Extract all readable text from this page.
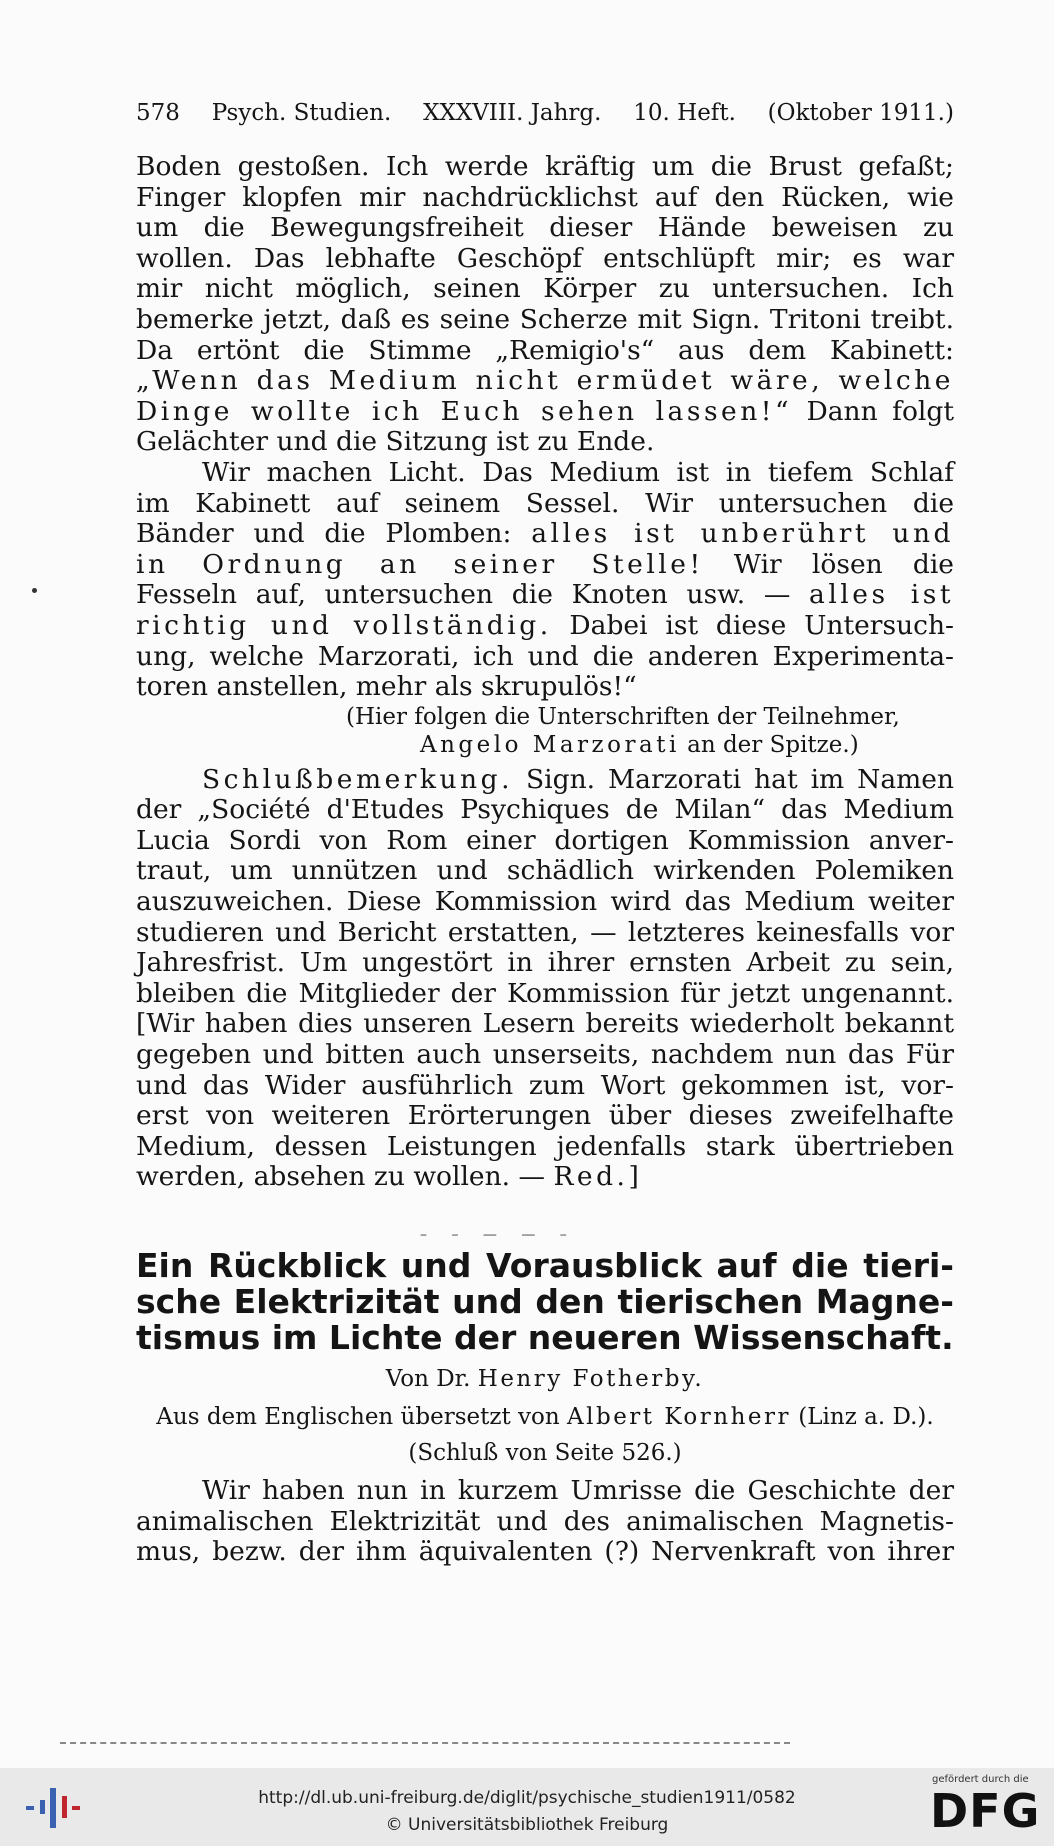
578 Psych. Studien. XXXVIII. Jahrg. 10. Heft. (Oktober 1911.)
Boden gestoßen. Ich werde kräftig um die Brust gefaßt;
Finger klopfen mir nachdrücklichst auf den Rücken, wie
um die Bewegungsfreiheit dieser Hände beweisen zu
wollen. Das lebhafte Geschöpf entschlüpft mir; es war
mir nicht möglich, seinen Körper zu untersuchen. Ich
bemerke jetzt, daß es seine Scherze mit Sign. Tritoni treibt.
Da ertönt die Stimme „Remigio's“ aus dem Kabinett:
„Wenn das Medium nicht ermüdet wäre, welche
Dinge wollte ich Euch sehen lassen!“ Dann folgt
Gelächter und die Sitzung ist zu Ende.
Wir machen Licht. Das Medium ist in tiefem Schlaf
im Kabinett auf seinem Sessel. Wir untersuchen die
Bänder und die Plomben: alles ist unberührt und
in Ordnung an seiner Stelle! Wir lösen die
Fesseln auf, untersuchen die Knoten usw. — alles ist
richtig und vollständig. Dabei ist diese Untersuch-
ung, welche Marzorati, ich und die anderen Experimenta-
toren anstellen, mehr als skrupulös!“
(Hier folgen die Unterschriften der Teilnehmer,
Angelo Marzorati an der Spitze.)
Schlußbemerkung. Sign. Marzorati hat im Namen
der „Société d'Etudes Psychiques de Milan“ das Medium
Lucia Sordi von Rom einer dortigen Kommission anver-
traut, um unnützen und schädlich wirkenden Polemiken
auszuweichen. Diese Kommission wird das Medium weiter
studieren und Bericht erstatten, — letzteres keinesfalls vor
Jahresfrist. Um ungestört in ihrer ernsten Arbeit zu sein,
bleiben die Mitglieder der Kommission für jetzt ungenannt.
[Wir haben dies unseren Lesern bereits wiederholt bekannt
gegeben und bitten auch unserseits, nachdem nun das Für
und das Wider ausführlich zum Wort gekommen ist, vor-
erst von weiteren Erörterungen über dieses zweifelhafte
Medium, dessen Leistungen jedenfalls stark übertrieben
werden, absehen zu wollen. — Red.]
– – — — –
Ein Rückblick und Vorausblick auf die tieri-
sche Elektrizität und den tierischen Magne-
tismus im Lichte der neueren Wissenschaft.
Von Dr. Henry Fotherby.
Aus dem Englischen übersetzt von Albert Kornherr (Linz a. D.).
(Schluß von Seite 526.)
Wir haben nun in kurzem Umrisse die Geschichte der
animalischen Elektrizität und des animalischen Magnetis-
mus, bezw. der ihm äquivalenten (?) Nervenkraft von ihrer
http://dl.ub.uni-freiburg.de/diglit/psychische_studien1911/0582
© Universitätsbibliothek Freiburg
gefördert durch die
DFG
